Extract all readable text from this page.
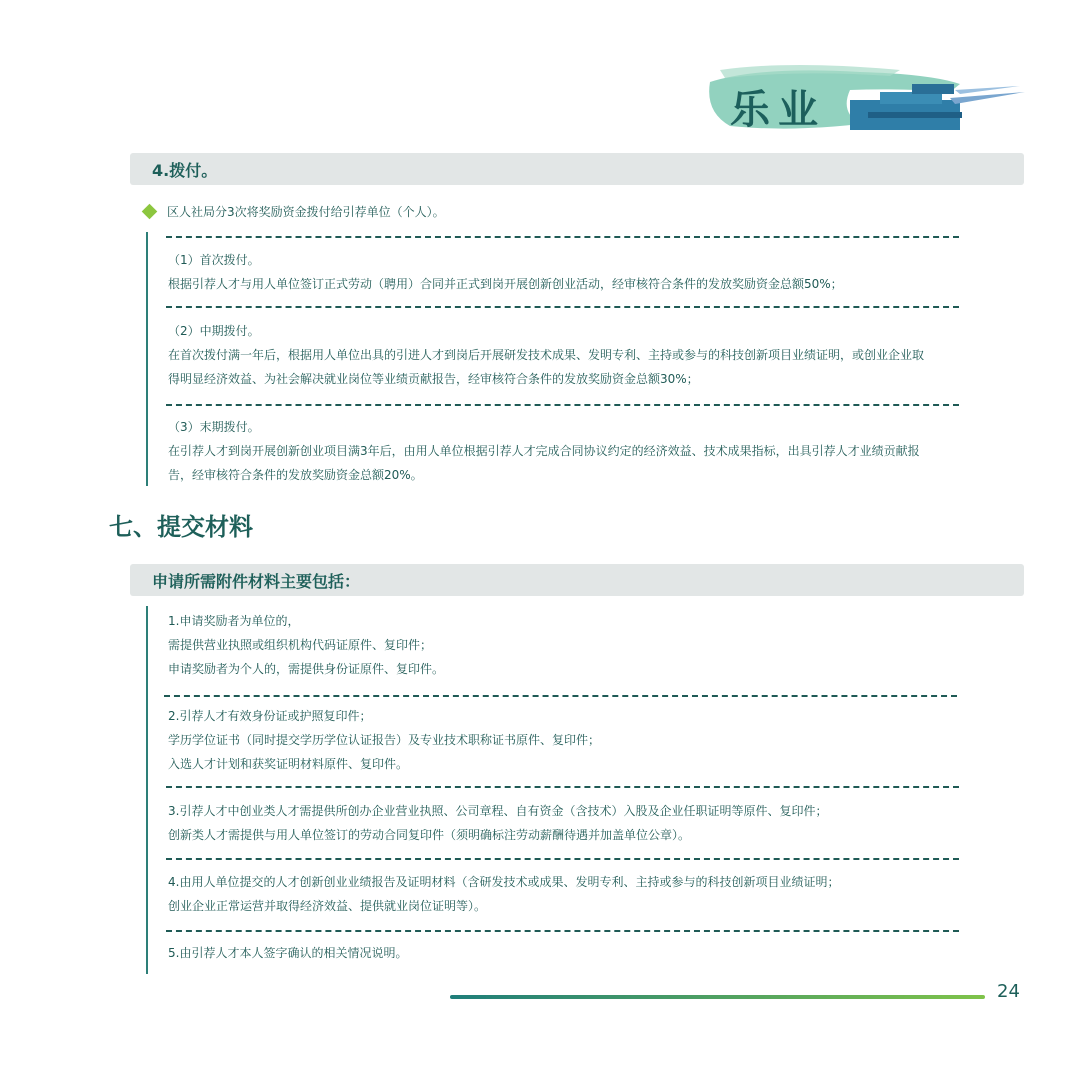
乐业
4.拨付。
区人社局分3次将奖励资金拨付给引荐单位（个人）。
（1）首次拨付。
根据引荐人才与用人单位签订正式劳动（聘用）合同并正式到岗开展创新创业活动，经审核符合条件的发放奖励资金总额50%；
（2）中期拨付。
在首次拨付满一年后，根据用人单位出具的引进人才到岗后开展研发技术成果、发明专利、主持或参与的科技创新项目业绩证明，或创业企业取
得明显经济效益、为社会解决就业岗位等业绩贡献报告，经审核符合条件的发放奖励资金总额30%；
（3）末期拨付。
在引荐人才到岗开展创新创业项目满3年后，由用人单位根据引荐人才完成合同协议约定的经济效益、技术成果指标，出具引荐人才业绩贡献报
告，经审核符合条件的发放奖励资金总额20%。
七、提交材料
申请所需附件材料主要包括：
1.申请奖励者为单位的，
需提供营业执照或组织机构代码证原件、复印件；
申请奖励者为个人的，需提供身份证原件、复印件。
2.引荐人才有效身份证或护照复印件；
学历学位证书（同时提交学历学位认证报告）及专业技术职称证书原件、复印件；
入选人才计划和获奖证明材料原件、复印件。
3.引荐人才中创业类人才需提供所创办企业营业执照、公司章程、自有资金（含技术）入股及企业任职证明等原件、复印件；
创新类人才需提供与用人单位签订的劳动合同复印件（须明确标注劳动薪酬待遇并加盖单位公章）。
4.由用人单位提交的人才创新创业业绩报告及证明材料（含研发技术或成果、发明专利、主持或参与的科技创新项目业绩证明；
创业企业正常运营并取得经济效益、提供就业岗位证明等）。
5.由引荐人才本人签字确认的相关情况说明。
24
